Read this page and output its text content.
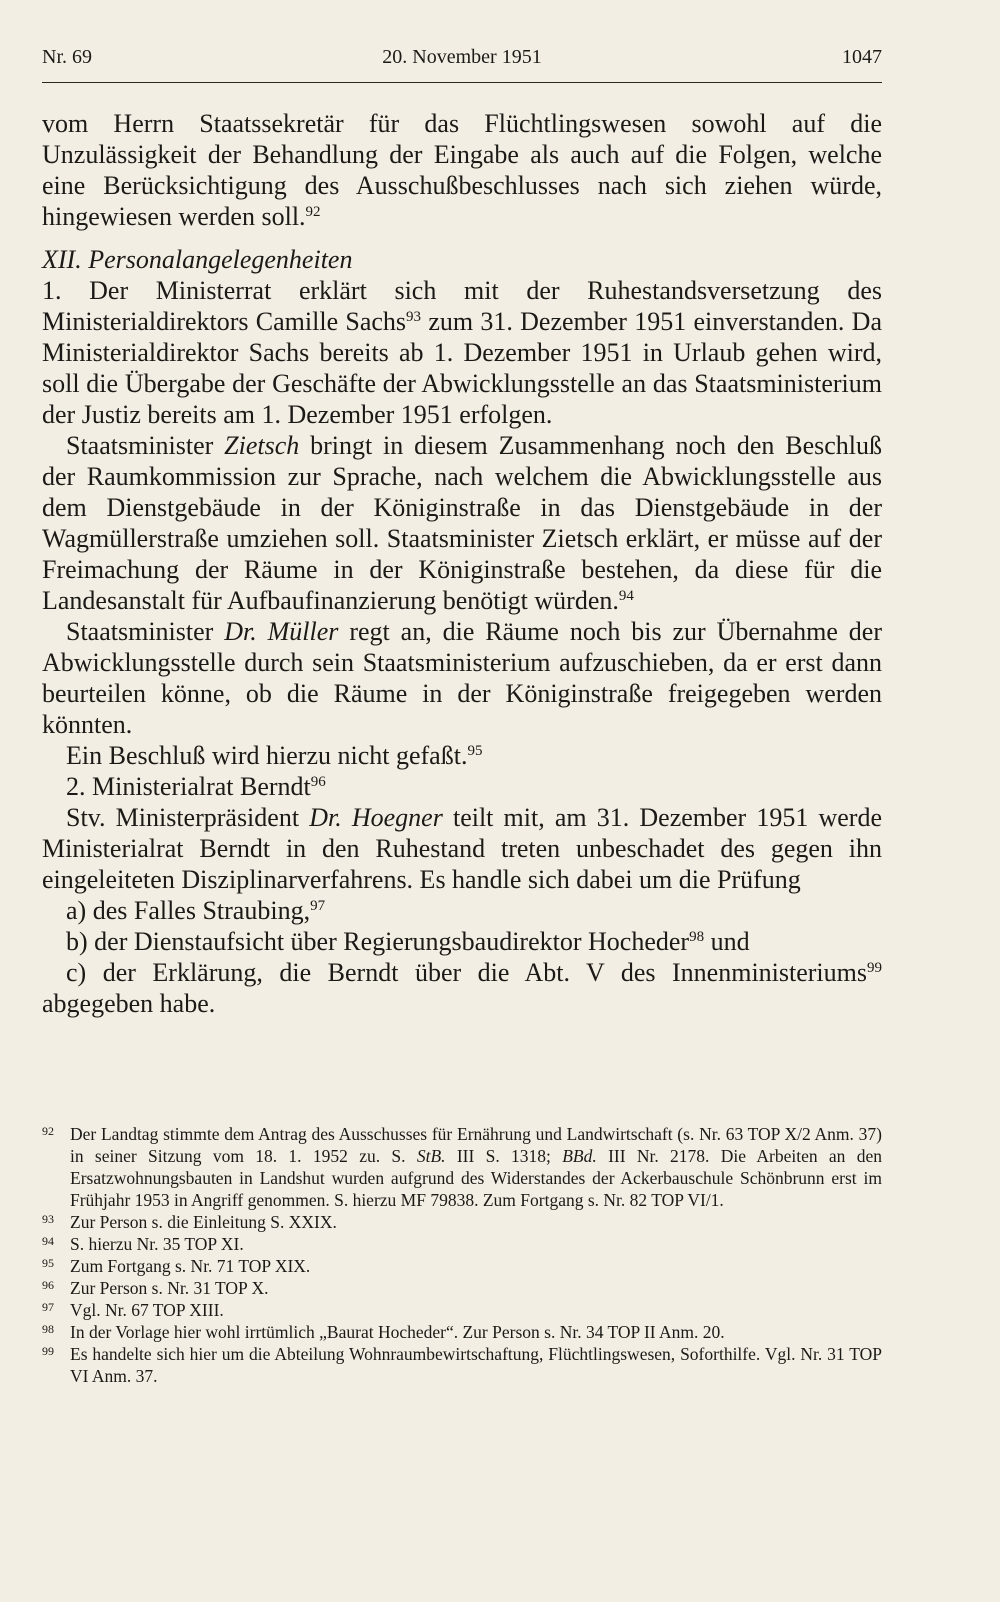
Nr. 69	20. November 1951	1047

vom Herrn Staatssekretär für das Flüchtlingswesen sowohl auf die Unzulässigkeit der Behandlung der Eingabe als auch auf die Folgen, welche eine Berücksichtigung des Ausschußbeschlusses nach sich ziehen würde, hingewiesen werden soll.$^{92}$

XII. Personalangelegenheiten

1. Der Ministerrat erklärt sich mit der Ruhestandsversetzung des Ministerialdirektors Camille Sachs$^{93}$ zum 31. Dezember 1951 einverstanden. Da Ministerialdirektor Sachs bereits ab 1. Dezember 1951 in Urlaub gehen wird, soll die Übergabe der Geschäfte der Abwicklungsstelle an das Staatsministerium der Justiz bereits am 1. Dezember 1951 erfolgen.

Staatsminister Zietsch bringt in diesem Zusammenhang noch den Beschluß der Raumkommission zur Sprache, nach welchem die Abwicklungsstelle aus dem Dienstgebäude in der Königinstraße in das Dienstgebäude in der Wagmüllerstraße umziehen soll. Staatsminister Zietsch erklärt, er müsse auf der Freimachung der Räume in der Königinstraße bestehen, da diese für die Landesanstalt für Aufbaufinanzierung benötigt würden.$^{94}$

Staatsminister Dr. Müller regt an, die Räume noch bis zur Übernahme der Abwicklungsstelle durch sein Staatsministerium aufzuschieben, da er erst dann beurteilen könne, ob die Räume in der Königinstraße freigegeben werden könnten.

Ein Beschluß wird hierzu nicht gefaßt.$^{95}$

2. Ministerialrat Berndt$^{96}$

Stv. Ministerpräsident Dr. Hoegner teilt mit, am 31. Dezember 1951 werde Ministerialrat Berndt in den Ruhestand treten unbeschadet des gegen ihn eingeleiteten Disziplinarverfahrens. Es handle sich dabei um die Prüfung

a) des Falles Straubing,$^{97}$

b) der Dienstaufsicht über Regierungsbaudirektor Hocheder$^{98}$ und

c) der Erklärung, die Berndt über die Abt. V des Innenministeriums$^{99}$ abgegeben habe.

92 Der Landtag stimmte dem Antrag des Ausschusses für Ernährung und Landwirtschaft (s. Nr. 63 TOP X/2 Anm. 37) in seiner Sitzung vom 18. 1. 1952 zu. S. StB. III S. 1318; BBd. III Nr. 2178. Die Arbeiten an den Ersatzwohnungsbauten in Landshut wurden aufgrund des Widerstandes der Ackerbauschule Schönbrunn erst im Frühjahr 1953 in Angriff genommen. S. hierzu MF 79838. Zum Fortgang s. Nr. 82 TOP VI/1.

93 Zur Person s. die Einleitung S. XXIX.

94 S. hierzu Nr. 35 TOP XI.

95 Zum Fortgang s. Nr. 71 TOP XIX.

96 Zur Person s. Nr. 31 TOP X.

97 Vgl. Nr. 67 TOP XIII.

98 In der Vorlage hier wohl irrtümlich „Baurat Hocheder“. Zur Person s. Nr. 34 TOP II Anm. 20.

99 Es handelte sich hier um die Abteilung Wohnraumbewirtschaftung, Flüchtlingswesen, Soforthilfe. Vgl. Nr. 31 TOP VI Anm. 37.
